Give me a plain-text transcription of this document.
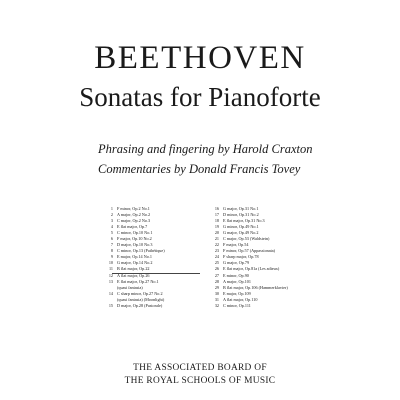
BEETHOVEN
Sonatas for Pianoforte
Phrasing and fingering by Harold Craxton
Commentaries by Donald Francis Tovey
1 F minor, Op.2 No.1
2 A major, Op.2 No.2
3 C major, Op.2 No.3
4 E flat major, Op.7
5 C minor, Op.10 No.1
6 F major, Op.10 No.2
7 D major, Op.10 No.3
8 C minor, Op.13 (Pathétique)
9 E major, Op.14 No.1
10 G major, Op.14 No.2
11 B flat major, Op.22
12 A flat major, Op.26
13 E flat major, Op.27 No.1
(quasi fantasia)
14 C sharp minor, Op.27 No.2
(quasi fantasia) (Moonlight)
15 D major, Op.28 (Pastorale)
16 G major, Op.31 No.1
17 D minor, Op.31 No.2
18 E flat major, Op.31 No.3
19 G minor, Op.49 No.1
20 G major, Op.49 No.2
21 C major, Op.53 (Waldstein)
22 F major, Op.54
23 F minor, Op.57 (Appassionata)
24 F sharp major, Op.78
25 G major, Op.79
26 E flat major, Op.81a (Les adieux)
27 E minor, Op.90
28 A major, Op.101
29 B flat major, Op.106 (Hammerklavier)
30 E major, Op.109
31 A flat major, Op.110
32 C minor, Op.111
THE ASSOCIATED BOARD OF
THE ROYAL SCHOOLS OF MUSIC
